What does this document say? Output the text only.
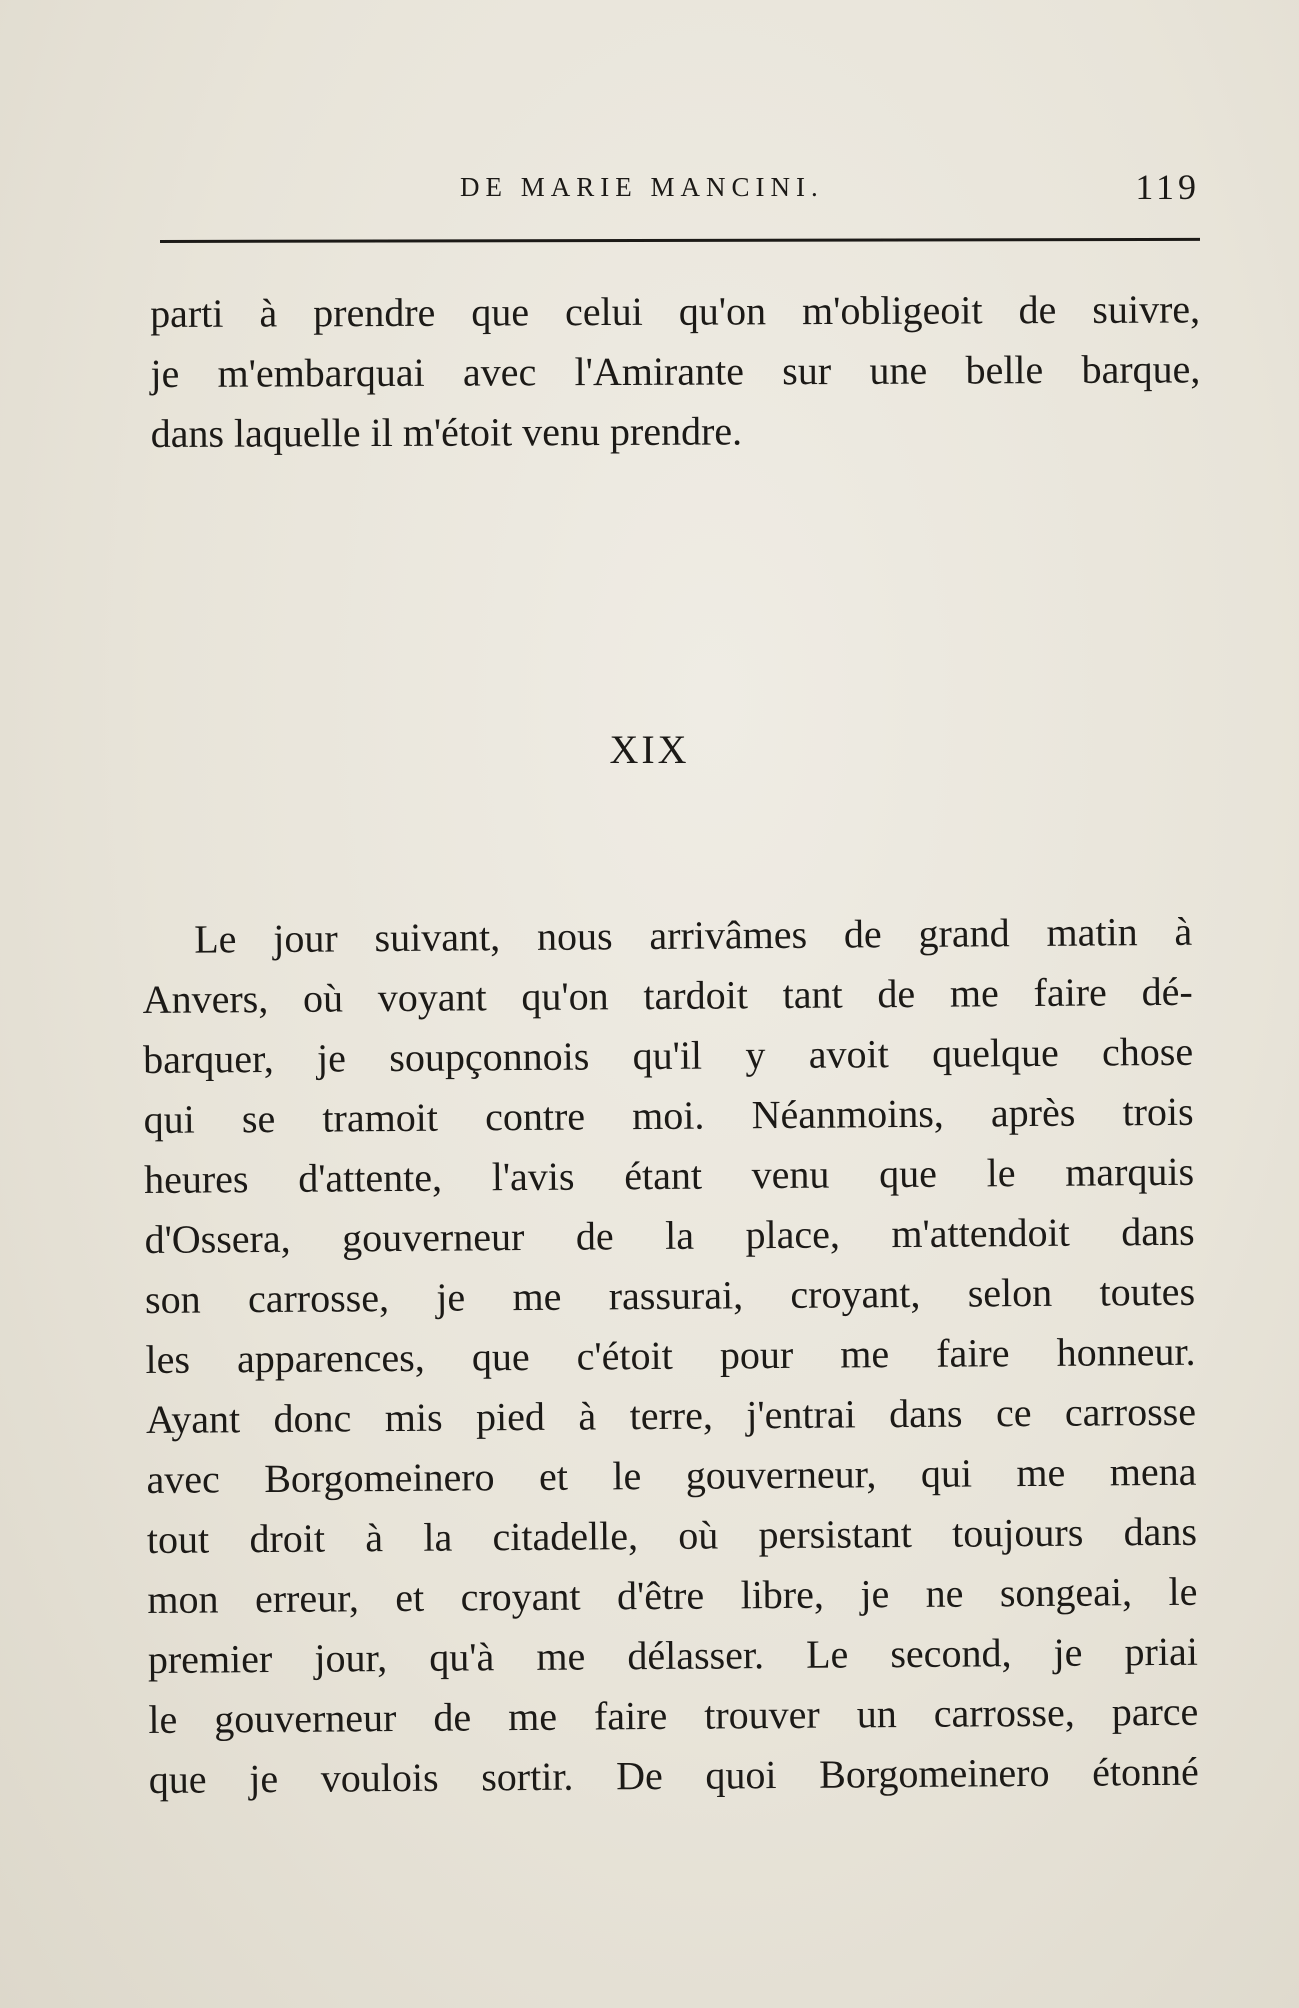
DE MARIE MANCINI.	119

parti à prendre que celui qu'on m'obligeoit de suivre,
je m'embarquai avec l'Amirante sur une belle barque,
dans laquelle il m'étoit venu prendre.

XIX

Le jour suivant, nous arrivâmes de grand matin à
Anvers, où voyant qu'on tardoit tant de me faire dé-
barquer, je soupçonnois qu'il y avoit quelque chose
qui se tramoit contre moi. Néanmoins, après trois
heures d'attente, l'avis étant venu que le marquis
d'Ossera, gouverneur de la place, m'attendoit dans
son carrosse, je me rassurai, croyant, selon toutes
les apparences, que c'étoit pour me faire honneur.
Ayant donc mis pied à terre, j'entrai dans ce carrosse
avec Borgomeinero et le gouverneur, qui me mena
tout droit à la citadelle, où persistant toujours dans
mon erreur, et croyant d'être libre, je ne songeai, le
premier jour, qu'à me délasser. Le second, je priai
le gouverneur de me faire trouver un carrosse, parce
que je voulois sortir. De quoi Borgomeinero étonné
